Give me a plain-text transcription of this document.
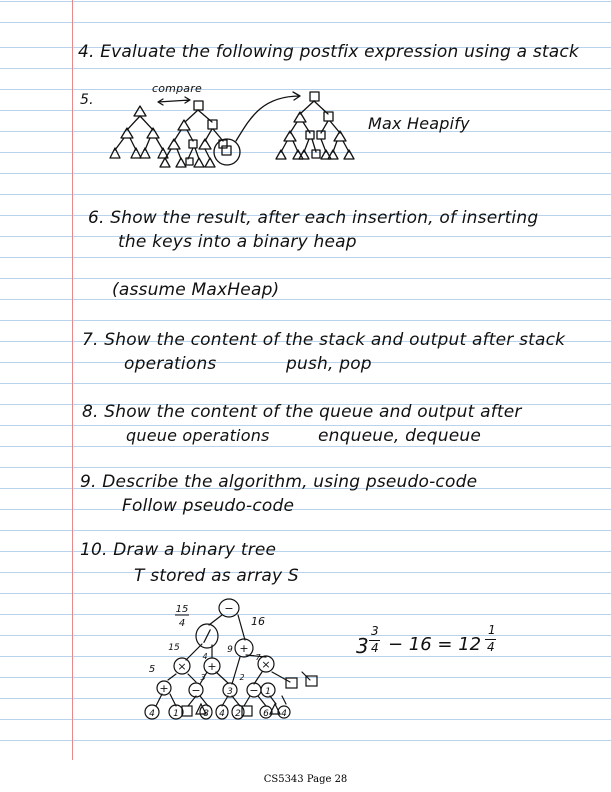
4. Evaluate the following postfix expression using a stack
5.
compare
Max Heapify
6. Show the result, after each insertion, of inserting
the keys into a binary heap
(assume MaxHeap)
7. Show the content of the stack and output after stack
operations	push, pop
8. Show the content of the queue and output after
queue operations	enqueue, dequeue
9. Describe the algorithm, using pseudo-code
Follow pseudo-code
10. Draw a binary tree
T stored as array S
−
/
+
× +	×
+ −	−
4 1	8 4	4
3	1
2 6
15
4	16
15
4
9
5
3	2
7	3
3
4 − 16 = 12
1
4
CS5343 Page 28
